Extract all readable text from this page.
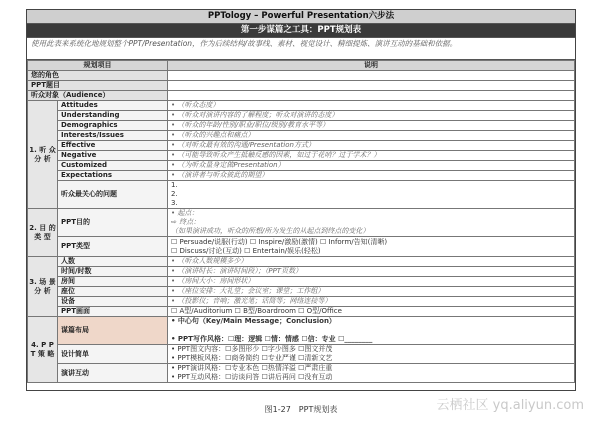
PPTology – Powerful Presentation六步法
第一步谋篇之工具：PPT规划表
使用此表来系统化地规划整个PPT/Presentation，作为后续结构/故事线、素材、视觉设计、精细提炼、演讲互动的基础和依据。
规划项目		说明
您的角色		
PPT题目		
听众对象（Audience）		
1. 听 众 分 析	Attitudes	• （听众态度）
	Understanding	• （听众对演讲内容的了解程度；听众对演讲的态度）
	Demographics	• （听众的年龄/性别/职业/职位/级别/教育水平等）
	Interests/Issues	• （听众的兴趣点和痛点）
	Effective	• （对听众最有效的沟通/Presentation方式）
	Negative	• （可能导致听众产生抵触反感的因素，如过于花哨？过于学术？）
	Customized	• （为听众量身定做Presentation）
	Expectations	• （演讲者与听众彼此的期望）
	听众最关心的问题	1.
2.
3.
2. 目 的 类 型	PPT目的	• 起点：
⇨ 终点：
（如果演讲成功，听众的所想/所为发生的从起点到终点的变化）
	PPT类型	☐ Persuade/说服(行动) ☐ Inspire/激励(激情) ☐ Inform/告知(清晰)
☐ Discuss/讨论(互动) ☐ Entertain/娱乐(轻松)
3. 场 景 分 析	人数	• （听众人数规模多少）
	时间/时数	• （演讲时长：演讲时间段）；（PPT页数）
	房间	• （房间大小：房间形状）
	座位	• （座位安排：大礼堂；会议室；课堂；工作组）
	设备	• （投影仪；音响；激光笔；话筒等；网络连接等）
	PPT画面	☐ A型/Auditorium ☐ B型/Boardroom ☐ O型/Office
4. P P T 策 略	谋篇布局	• 中心句（Key/Main Message；Conclusion）

• PPT写作风格：☐理：逻辑 ☐情：情感 ☐信：专业 ☐________
	设计简单	• PPT图文内容：☐多图形少 ☐字少图多 ☐图文并茂
• PPT模板风格：☐商务简约 ☐专业严谨 ☐清新文艺
	演讲互动	• PPT演讲风格：☐专业本色 ☐热情洋溢 ☐严肃庄重
• PPT互动风格：☐访谈问答 ☐讲后再问 ☐没有互动
云栖社区 yq.aliyun.com
图1-27　PPT规划表
